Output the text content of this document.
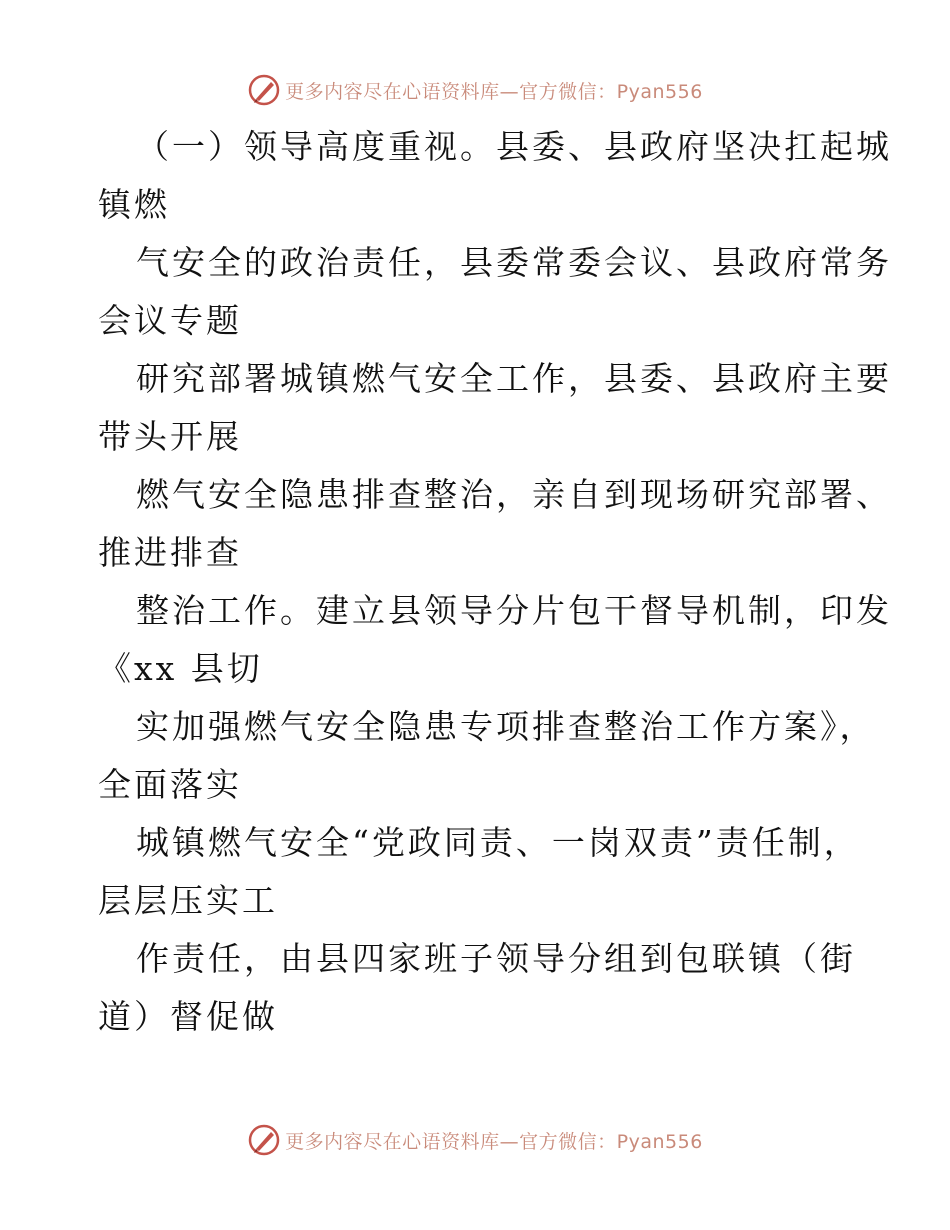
更多内容尽在心语资料库—官方微信：Pyan556

（一）领导高度重视。县委、县政府坚决扛起城

镇燃

气安全的政治责任，县委常委会议、县政府常务

会议专题

研究部署城镇燃气安全工作，县委、县政府主要

带头开展

燃气安全隐患排查整治，亲自到现场研究部署、

推进排查

整治工作。建立县领导分片包干督导机制，印发

《xx 县切

实加强燃气安全隐患专项排查整治工作方案》，

全面落实

城镇燃气安全“党政同责、一岗双责”责任制，

层层压实工

作责任，由县四家班子领导分组到包联镇（街

道）督促做

更多内容尽在心语资料库—官方微信：Pyan556
